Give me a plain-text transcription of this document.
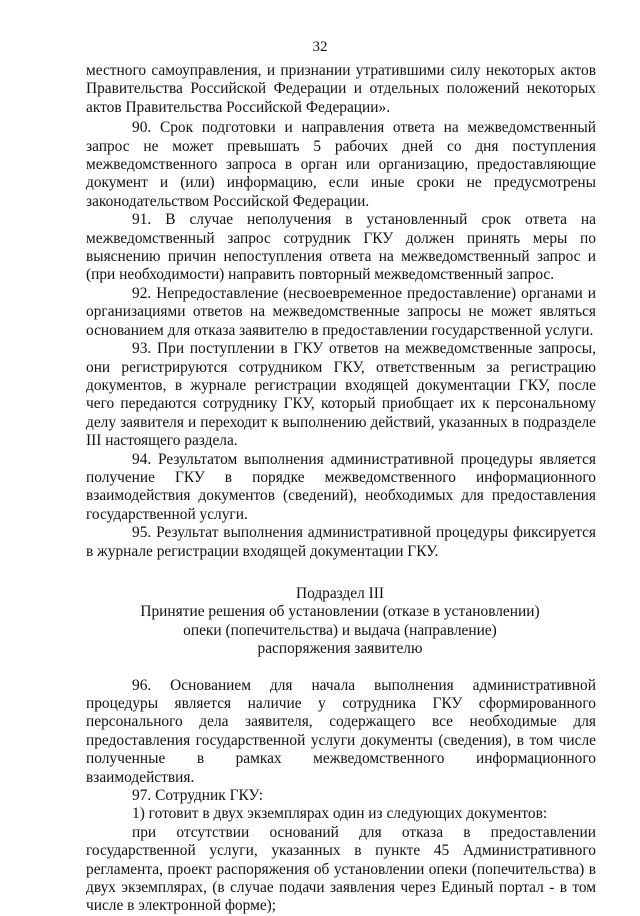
32

местного самоуправления, и признании утратившими силу некоторых актов Правительства Российской Федерации и отдельных положений некоторых актов Правительства Российской Федерации».

90. Срок подготовки и направления ответа на межведомственный запрос не может превышать 5 рабочих дней со дня поступления межведомственного запроса в орган или организацию, предоставляющие документ и (или) информацию, если иные сроки не предусмотрены законодательством Российской Федерации.

91. В случае неполучения в установленный срок ответа на межведомственный запрос сотрудник ГКУ должен принять меры по выяснению причин непоступления ответа на межведомственный запрос и (при необходимости) направить повторный межведомственный запрос.

92. Непредоставление (несвоевременное предоставление) органами и организациями ответов на межведомственные запросы не может являться основанием для отказа заявителю в предоставлении государственной услуги.

93. При поступлении в ГКУ ответов на межведомственные запросы, они регистрируются сотрудником ГКУ, ответственным за регистрацию документов, в журнале регистрации входящей документации ГКУ, после чего передаются сотруднику ГКУ, который приобщает их к персональному делу заявителя и переходит к выполнению действий, указанных в подразделе III настоящего раздела.

94. Результатом выполнения административной процедуры является получение ГКУ в порядке межведомственного информационного взаимодействия документов (сведений), необходимых для предоставления государственной услуги.

95. Результат выполнения административной процедуры фиксируется в журнале регистрации входящей документации ГКУ.

Подраздел III
Принятие решения об установлении (отказе в установлении)
опеки (попечительства) и выдача (направление)
распоряжения заявителю

96. Основанием для начала выполнения административной процедуры является наличие у сотрудника ГКУ сформированного персонального дела заявителя, содержащего все необходимые для предоставления государственной услуги документы (сведения), в том числе полученные в рамках межведомственного информационного взаимодействия.

97. Сотрудник ГКУ:

1) готовит в двух экземплярах один из следующих документов:

при отсутствии оснований для отказа в предоставлении государственной услуги, указанных в пункте 45 Административного регламента, проект распоряжения об установлении опеки (попечительства) в двух экземплярах, (в случае подачи заявления через Единый портал - в том числе в электронной форме);
